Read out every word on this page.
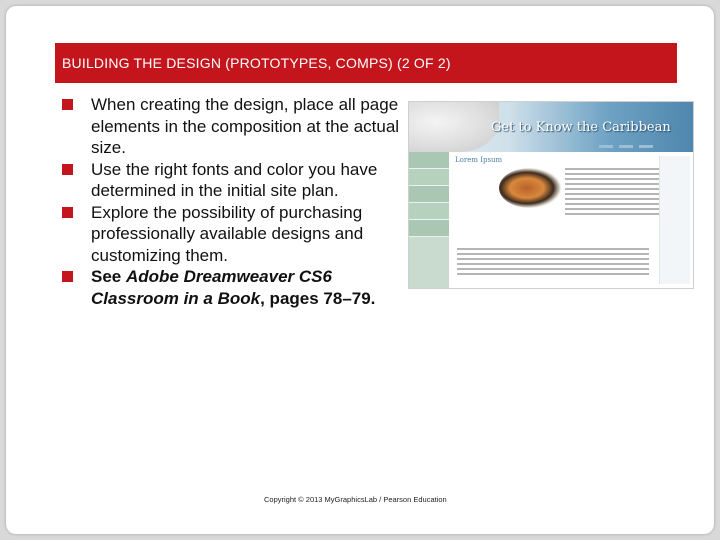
BUILDING THE DESIGN (PROTOTYPES, COMPS) (2 OF 2)
When creating the design, place all page elements in the composition at the actual size.
Use the right fonts and color you have determined in the initial site plan.
Explore the possibility of purchasing professionally available designs and customizing them.
See Adobe Dreamweaver CS6 Classroom in a Book, pages 78–79.
Get to Know the Caribbean
Lorem Ipsum
Copyright © 2013 MyGraphicsLab / Pearson Education
